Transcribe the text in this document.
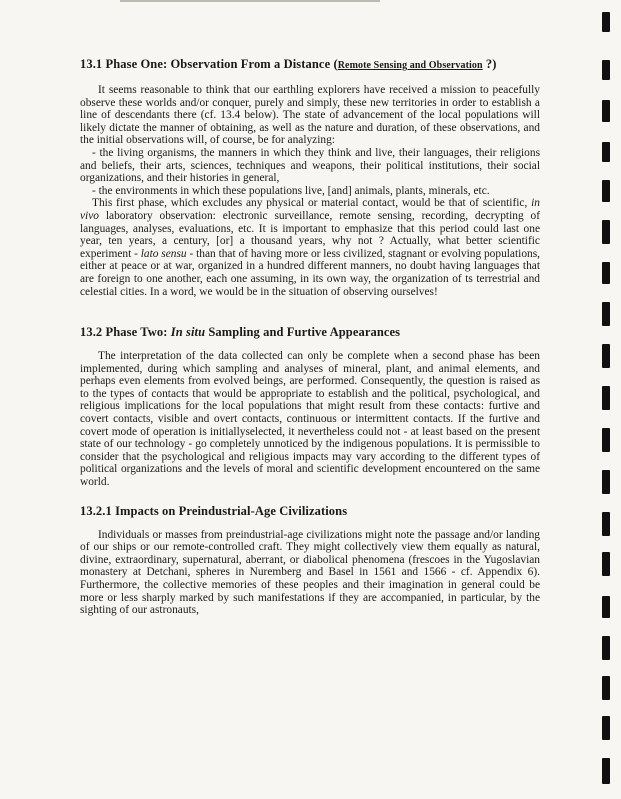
13.1 Phase One: Observation From a Distance (Remote Sensing and Observation ?)

It seems reasonable to think that our earthling explorers have received a mission to peacefully observe these worlds and/or conquer, purely and simply, these new territories in order to establish a line of descendants there (cf. 13.4 below). The state of advancement of the local populations will likely dictate the manner of obtaining, as well as the nature and duration, of these observations, and the initial observations will, of course, be for analyzing:

- the living organisms, the manners in which they think and live, their languages, their religions and beliefs, their arts, sciences, techniques and weapons, their political institutions, their social organizations, and their histories in general,

- the environments in which these populations live, [and] animals, plants, minerals, etc.

This first phase, which excludes any physical or material contact, would be that of scientific, in vivo laboratory observation: electronic surveillance, remote sensing, recording, decrypting of languages, analyses, evaluations, etc. It is important to emphasize that this period could last one year, ten years, a century, [or] a thousand years, why not ? Actually, what better scientific experiment - lato sensu - than that of having more or less civilized, stagnant or evolving populations, either at peace or at war, organized in a hundred different manners, no doubt having languages that are foreign to one another, each one assuming, in its own way, the organization of ts terrestrial and celestial cities. In a word, we would be in the situation of observing ourselves!

13.2 Phase Two: In situ Sampling and Furtive Appearances

The interpretation of the data collected can only be complete when a second phase has been implemented, during which sampling and analyses of mineral, plant, and animal elements, and perhaps even elements from evolved beings, are performed. Consequently, the question is raised as to the types of contacts that would be appropriate to establish and the political, psychological, and religious implications for the local populations that might result from these contacts: furtive and covert contacts, visible and overt contacts, continuous or intermittent contacts. If the furtive and covert mode of operation is initiallyselected, it nevertheless could not - at least based on the present state of our technology - go completely unnoticed by the indigenous populations. It is permissible to consider that the psychological and religious impacts may vary according to the different types of political organizations and the levels of moral and scientific development encountered on the same world.

13.2.1 Impacts on Preindustrial-Age Civilizations

Individuals or masses from preindustrial-age civilizations might note the passage and/or landing of our ships or our remote-controlled craft. They might collectively view them equally as natural, divine, extraordinary, supernatural, aberrant, or diabolical phenomena (frescoes in the Yugoslavian monastery at Detchani, spheres in Nuremberg and Basel in 1561 and 1566 - cf. Appendix 6). Furthermore, the collective memories of these peoples and their imagination in general could be more or less sharply marked by such manifestations if they are accompanied, in particular, by the sighting of our astronauts,
